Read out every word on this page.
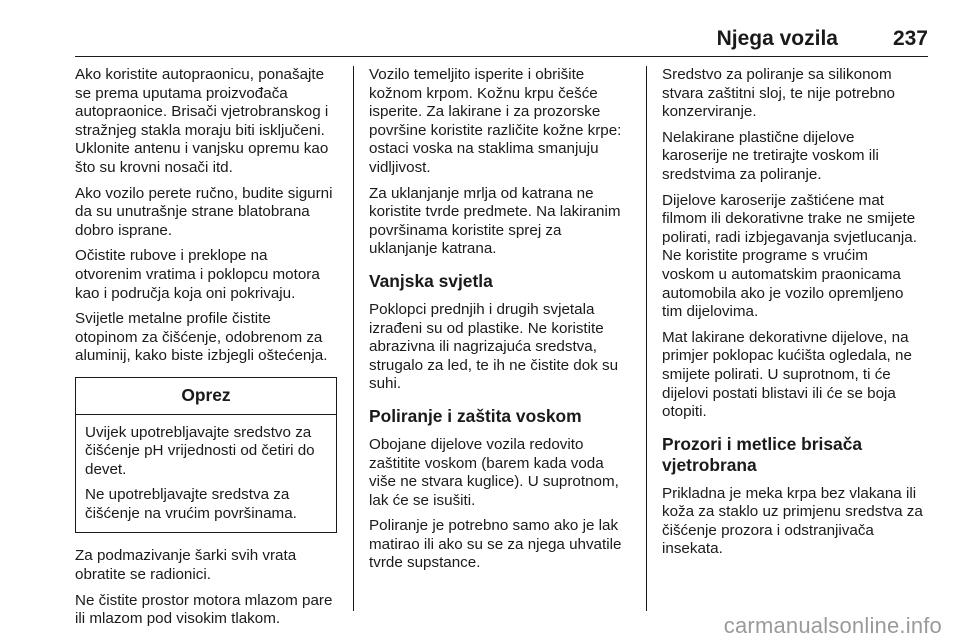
Njega vozila	237

Ako koristite autopraonicu, ponašajte se prema uputama proizvođača autopraonice. Brisači vjetrobranskog i stražnjeg stakla moraju biti isključeni. Uklonite antenu i vanjsku opremu kao što su krovni nosači itd.

Ako vozilo perete ručno, budite sigurni da su unutrašnje strane blatobrana dobro isprane.

Očistite rubove i preklope na otvorenim vratima i poklopcu motora kao i područja koja oni pokrivaju.

Svijetle metalne profile čistite otopinom za čišćenje, odobrenom za aluminij, kako biste izbjegli oštećenja.

Oprez

Uvijek upotrebljavajte sredstvo za čišćenje pH vrijednosti od četiri do devet.

Ne upotrebljavajte sredstva za čišćenje na vrućim površinama.

Za podmazivanje šarki svih vrata obratite se radionici.

Ne čistite prostor motora mlazom pare ili mlazom pod visokim tlakom.

Vozilo temeljito isperite i obrišite kožnom krpom. Kožnu krpu češće isperite. Za lakirane i za prozorske površine koristite različite kožne krpe: ostaci voska na staklima smanjuju vidljivost.

Za uklanjanje mrlja od katrana ne koristite tvrde predmete. Na lakiranim površinama koristite sprej za uklanjanje katrana.

Vanjska svjetla

Poklopci prednjih i drugih svjetala izrađeni su od plastike. Ne koristite abrazivna ili nagrizajuća sredstva, strugalo za led, te ih ne čistite dok su suhi.

Poliranje i zaštita voskom

Obojane dijelove vozila redovito zaštitite voskom (barem kada voda više ne stvara kuglice). U suprotnom, lak će se isušiti.

Poliranje je potrebno samo ako je lak matirao ili ako su se za njega uhvatile tvrde supstance.

Sredstvo za poliranje sa silikonom stvara zaštitni sloj, te nije potrebno konzerviranje.

Nelakirane plastične dijelove karoserije ne tretirajte voskom ili sredstvima za poliranje.

Dijelove karoserije zaštićene mat filmom ili dekorativne trake ne smijete polirati, radi izbjegavanja svjetlucanja. Ne koristite programe s vrućim voskom u automatskim praonicama automobila ako je vozilo opremljeno tim dijelovima.

Mat lakirane dekorativne dijelove, na primjer poklopac kućišta ogledala, ne smijete polirati. U suprotnom, ti će dijelovi postati blistavi ili će se boja otopiti.

Prozori i metlice brisača vjetrobrana

Prikladna je meka krpa bez vlakana ili koža za staklo uz primjenu sredstva za čišćenje prozora i odstranjivača insekata.

carmanualsonline.info
